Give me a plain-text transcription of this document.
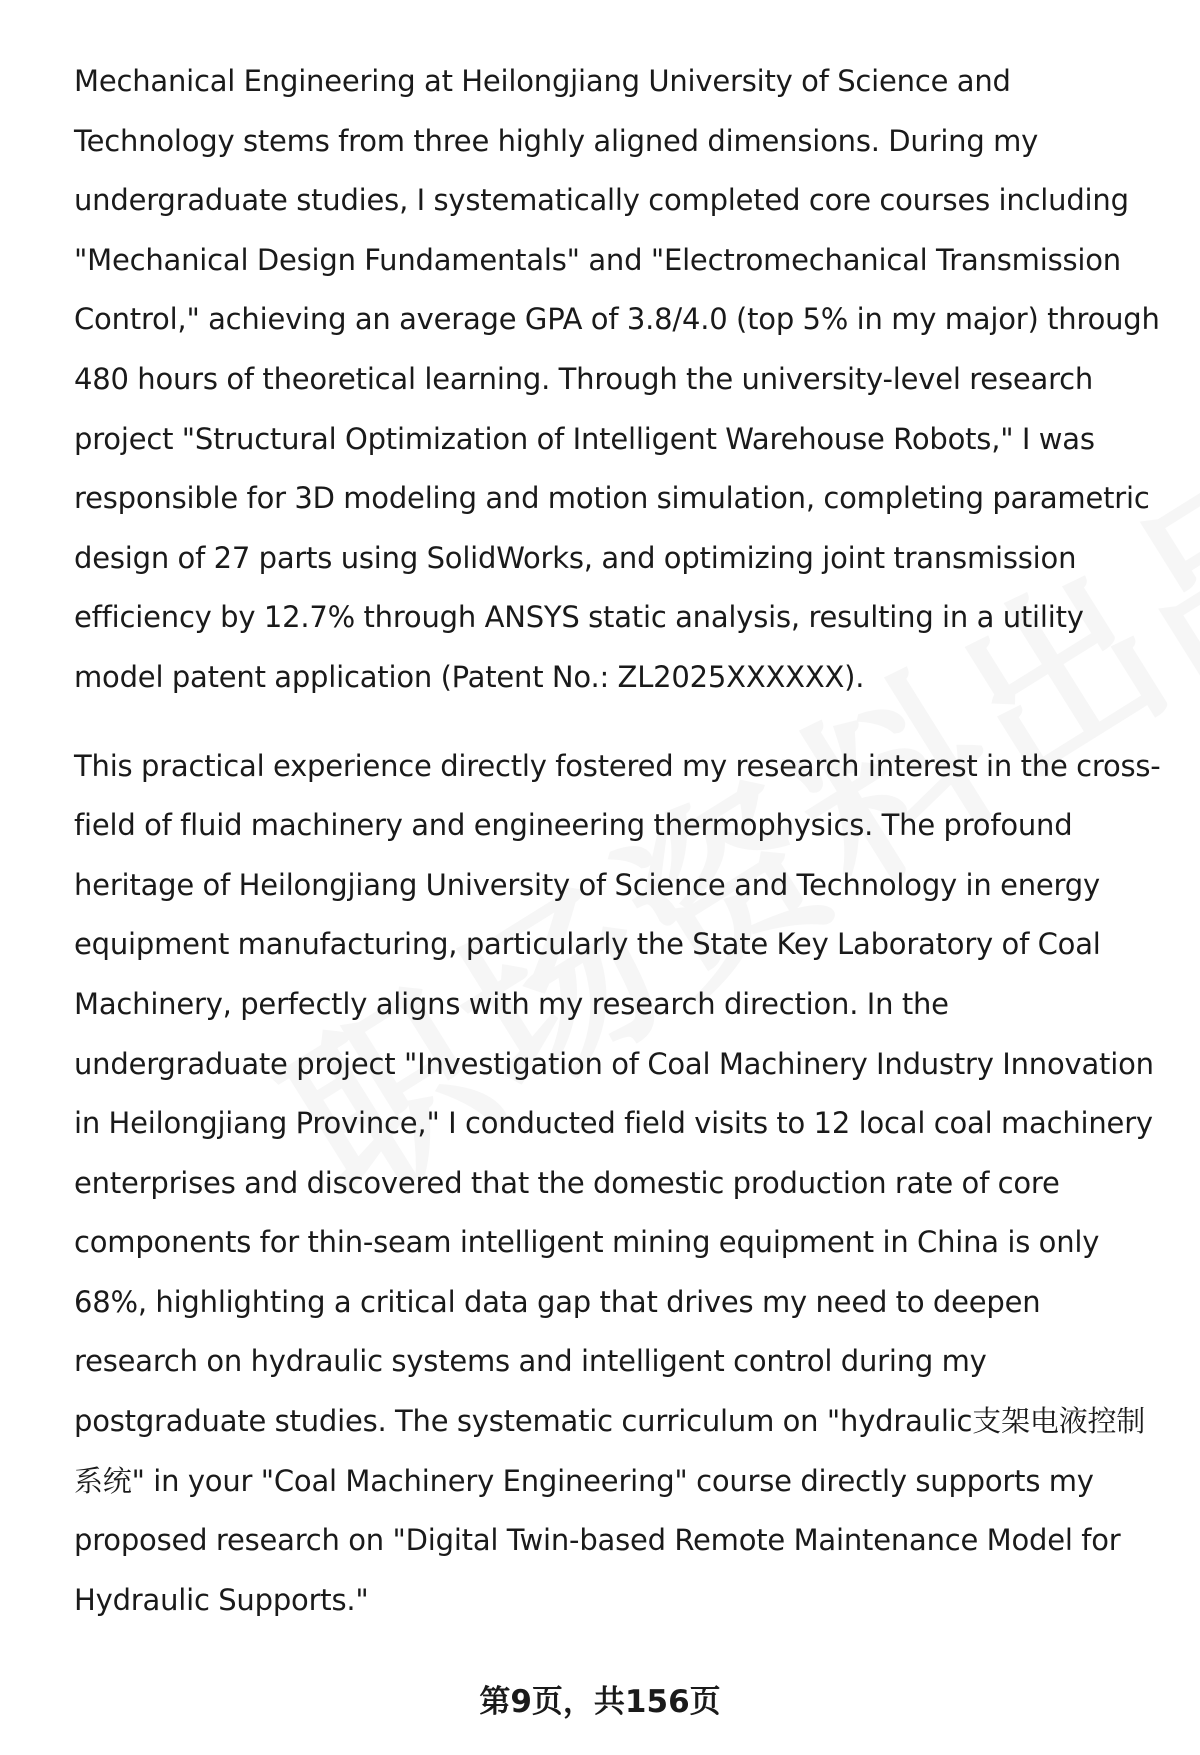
Mechanical Engineering at Heilongjiang University of Science and Technology stems from three highly aligned dimensions. During my undergraduate studies, I systematically completed core courses including "Mechanical Design Fundamentals" and "Electromechanical Transmission Control," achieving an average GPA of 3.8/4.0 (top 5% in my major) through 480 hours of theoretical learning. Through the university-level research project "Structural Optimization of Intelligent Warehouse Robots," I was responsible for 3D modeling and motion simulation, completing parametric design of 27 parts using SolidWorks, and optimizing joint transmission efficiency by 12.7% through ANSYS static analysis, resulting in a utility model patent application (Patent No.: ZL2025XXXXXX).

This practical experience directly fostered my research interest in the cross-field of fluid machinery and engineering thermophysics. The profound heritage of Heilongjiang University of Science and Technology in energy equipment manufacturing, particularly the State Key Laboratory of Coal Machinery, perfectly aligns with my research direction. In the undergraduate project "Investigation of Coal Machinery Industry Innovation in Heilongjiang Province," I conducted field visits to 12 local coal machinery enterprises and discovered that the domestic production rate of core components for thin-seam intelligent mining equipment in China is only 68%, highlighting a critical data gap that drives my need to deepen research on hydraulic systems and intelligent control during my postgraduate studies. The systematic curriculum on "hydraulic支架电液控制系统" in your "Coal Machinery Engineering" course directly supports my proposed research on "Digital Twin-based Remote Maintenance Model for Hydraulic Supports."

第9页，共156页
